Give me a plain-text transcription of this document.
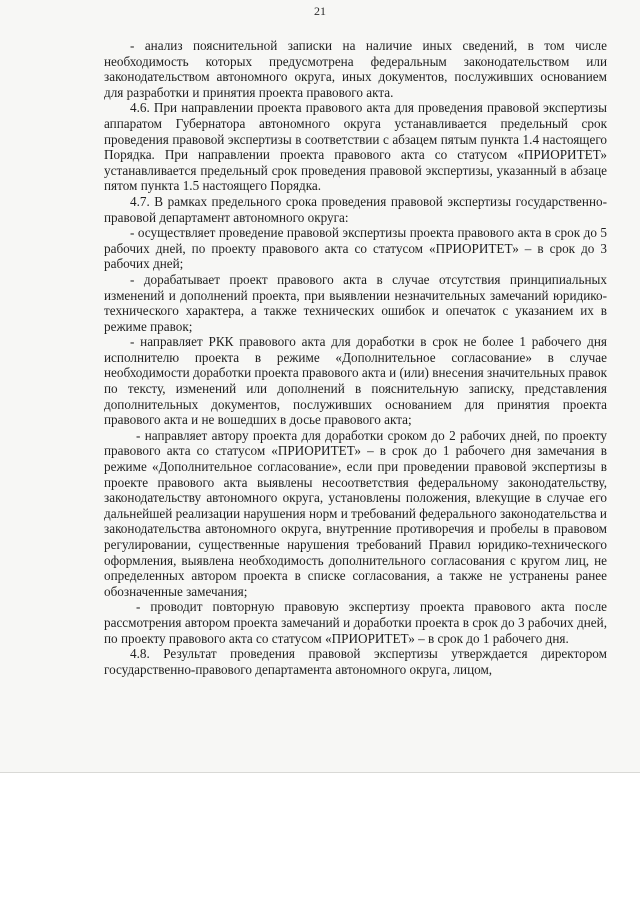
21

- анализ пояснительной записки на наличие иных сведений, в том числе необходимость которых предусмотрена федеральным законодательством или законодательством автономного округа, иных документов, послуживших основанием для разработки и принятия проекта правового акта.

4.6. При направлении проекта правового акта для проведения правовой экспертизы аппаратом Губернатора автономного округа устанавливается предельный срок проведения правовой экспертизы в соответствии с абзацем пятым пункта 1.4 настоящего Порядка. При направлении проекта правового акта со статусом «ПРИОРИТЕТ» устанавливается предельный срок проведения правовой экспертизы, указанный в абзаце пятом пункта 1.5 настоящего Порядка.

4.7. В рамках предельного срока проведения правовой экспертизы государственно-правовой департамент автономного округа:

- осуществляет проведение правовой экспертизы проекта правового акта в срок до 5 рабочих дней, по проекту правового акта со статусом «ПРИОРИТЕТ» – в срок до 3 рабочих дней;

- дорабатывает проект правового акта в случае отсутствия принципиальных изменений и дополнений проекта, при выявлении незначительных замечаний юридико-технического характера, а также технических ошибок и опечаток с указанием их в режиме правок;

- направляет РКК правового акта для доработки в срок не более 1 рабочего дня исполнителю проекта в режиме «Дополнительное согласование» в случае необходимости доработки проекта правового акта и (или) внесения значительных правок по тексту, изменений или дополнений в пояснительную записку, представления дополнительных документов, послуживших основанием для принятия проекта правового акта и не вошедших в досье правового акта;

- направляет автору проекта для доработки сроком до 2 рабочих дней, по проекту правового акта со статусом «ПРИОРИТЕТ» – в срок до 1 рабочего дня замечания в режиме «Дополнительное согласование», если при проведении правовой экспертизы в проекте правового акта выявлены несоответствия федеральному законодательству, законодательству автономного округа, установлены положения, влекущие в случае его дальнейшей реализации нарушения норм и требований федерального законодательства и законодательства автономного округа, внутренние противоречия и пробелы в правовом регулировании, существенные нарушения требований Правил юридико-технического оформления, выявлена необходимость дополнительного согласования с кругом лиц, не определенных автором проекта в списке согласования, а также не устранены ранее обозначенные замечания;

- проводит повторную правовую экспертизу проекта правового акта после рассмотрения автором проекта замечаний и доработки проекта в срок до 3 рабочих дней, по проекту правового акта со статусом «ПРИОРИТЕТ» – в срок до 1 рабочего дня.

4.8. Результат проведения правовой экспертизы утверждается директором государственно-правового департамента автономного округа, лицом,
